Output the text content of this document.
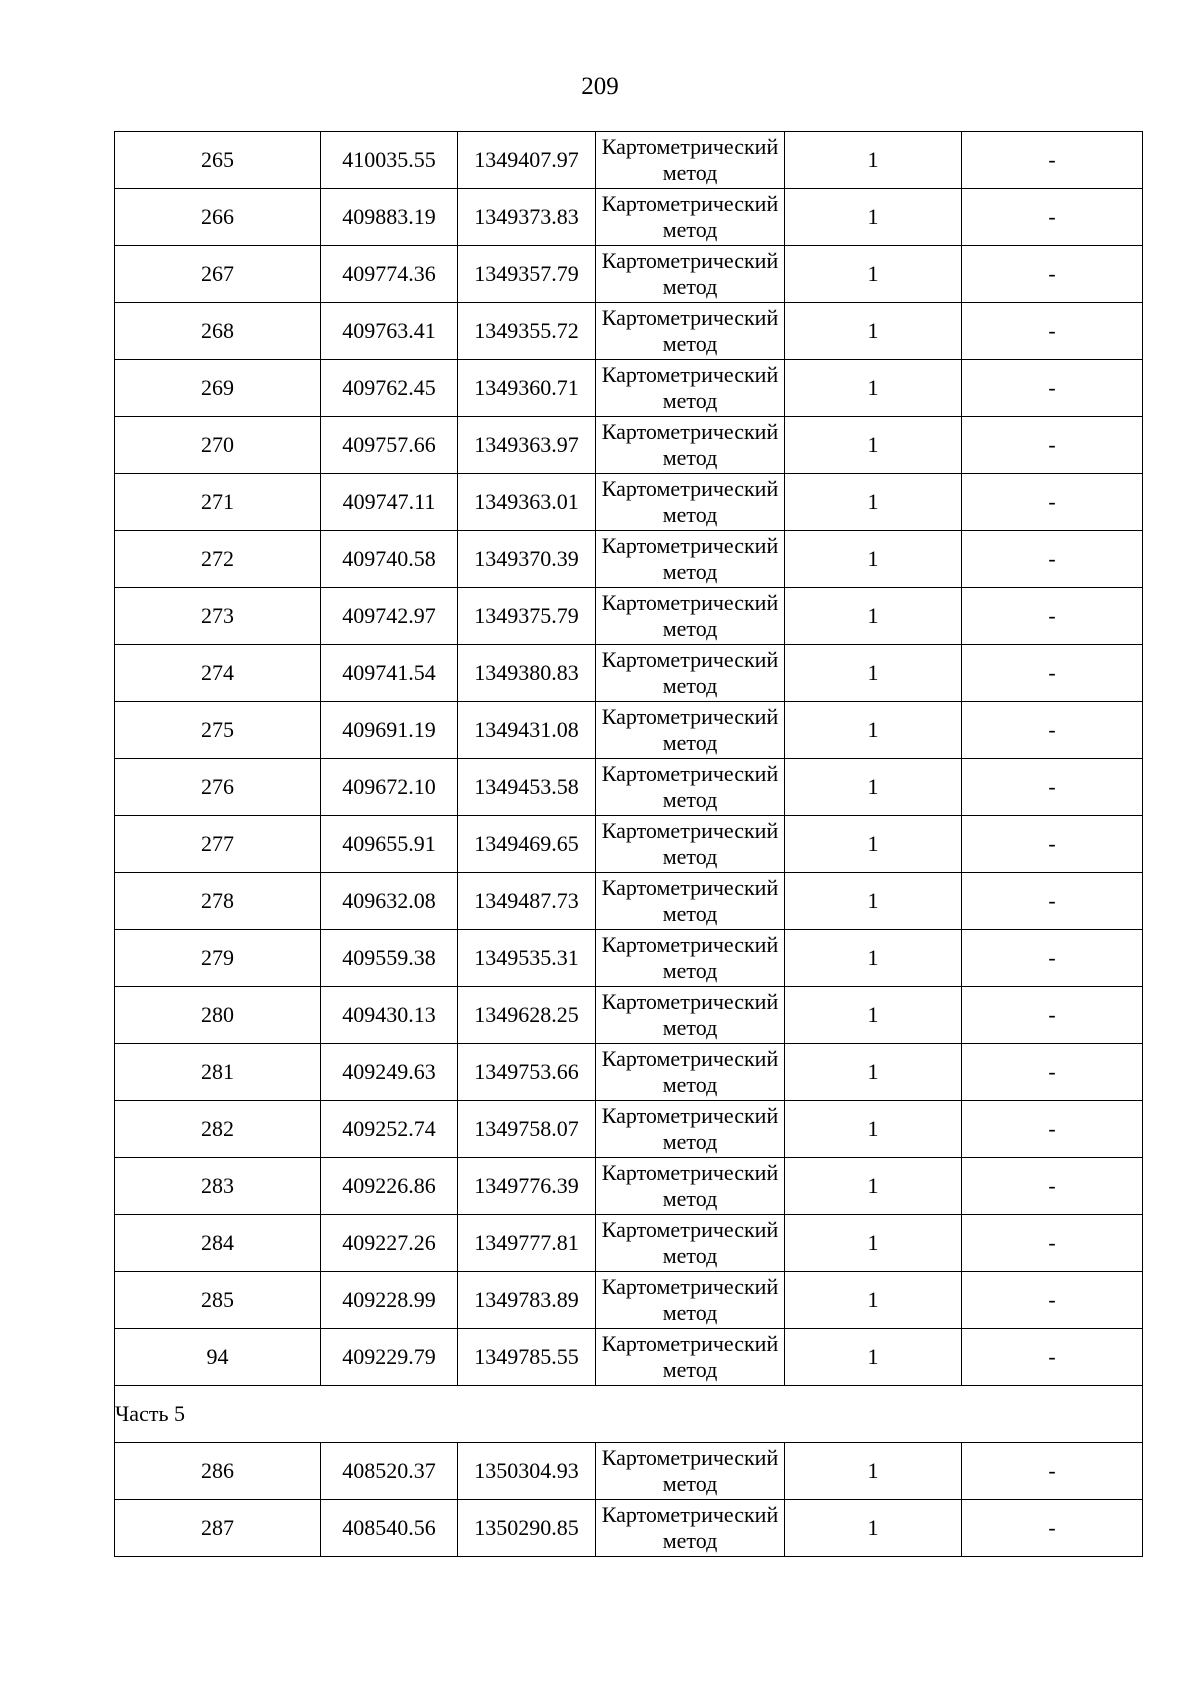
209
265	410035.55	1349407.97	Картометрический метод	1	-
266	409883.19	1349373.83	Картометрический метод	1	-
267	409774.36	1349357.79	Картометрический метод	1	-
268	409763.41	1349355.72	Картометрический метод	1	-
269	409762.45	1349360.71	Картометрический метод	1	-
270	409757.66	1349363.97	Картометрический метод	1	-
271	409747.11	1349363.01	Картометрический метод	1	-
272	409740.58	1349370.39	Картометрический метод	1	-
273	409742.97	1349375.79	Картометрический метод	1	-
274	409741.54	1349380.83	Картометрический метод	1	-
275	409691.19	1349431.08	Картометрический метод	1	-
276	409672.10	1349453.58	Картометрический метод	1	-
277	409655.91	1349469.65	Картометрический метод	1	-
278	409632.08	1349487.73	Картометрический метод	1	-
279	409559.38	1349535.31	Картометрический метод	1	-
280	409430.13	1349628.25	Картометрический метод	1	-
281	409249.63	1349753.66	Картометрический метод	1	-
282	409252.74	1349758.07	Картометрический метод	1	-
283	409226.86	1349776.39	Картометрический метод	1	-
284	409227.26	1349777.81	Картометрический метод	1	-
285	409228.99	1349783.89	Картометрический метод	1	-
94	409229.79	1349785.55	Картометрический метод	1	-
Часть 5					
286	408520.37	1350304.93	Картометрический метод	1	-
287	408540.56	1350290.85	Картометрический метод	1	-
